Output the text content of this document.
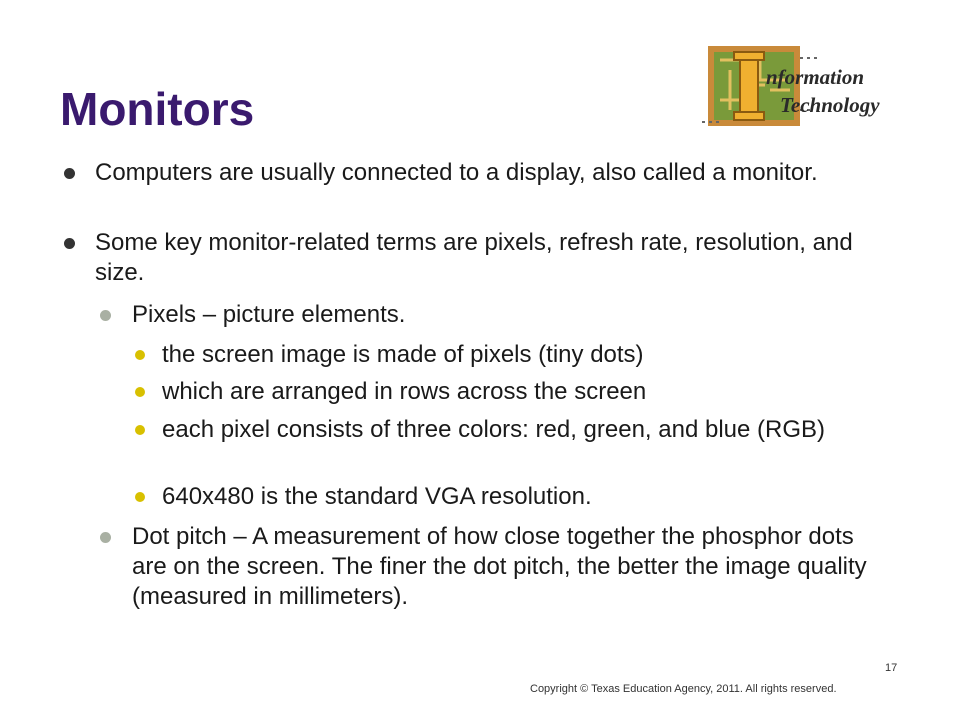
Monitors
nformation
Technology
Computers are usually connected to a display, also called a monitor.
Some key monitor-related terms are pixels, refresh rate, resolution, and size.
Pixels – picture elements.
the screen image is made of pixels (tiny dots)
which are arranged in rows across the screen
each pixel consists of three colors: red, green, and blue (RGB)
640x480 is the standard VGA resolution.
Dot pitch – A measurement of how close together the phosphor dots are on the screen. The finer the dot pitch, the better the image quality (measured in millimeters).
17
Copyright © Texas Education Agency, 2011. All rights reserved.
